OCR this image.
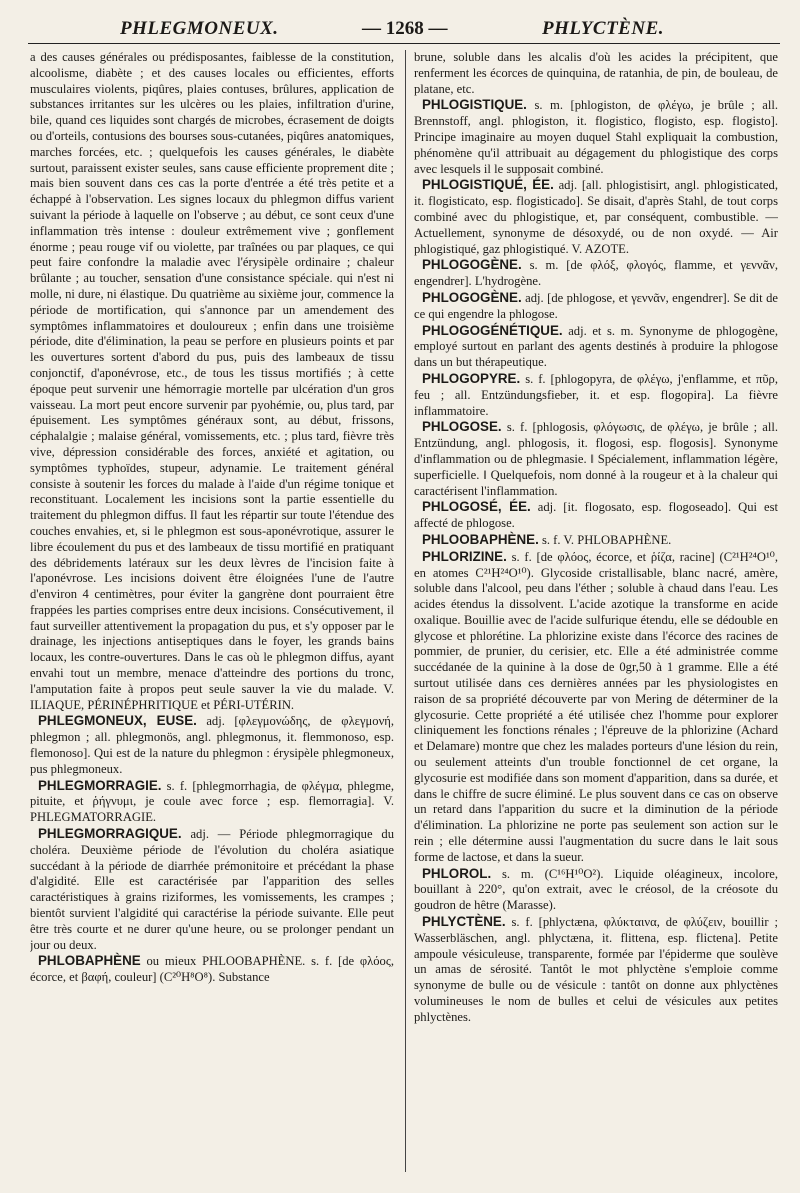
PHLEGMONEUX.	— 1268 —	PHLYCTÈNE.

a des causes générales ou prédisposantes, faiblesse de la constitution, alcoolisme, diabète ; et des causes locales ou efficientes, efforts musculaires violents, piqûres, plaies contuses, brûlures, application de substances irritantes sur les ulcères ou les plaies, infiltration d'urine, bile, quand ces liquides sont chargés de microbes, écrasement de doigts ou d'orteils, contusions des bourses sous-cutanées, piqûres anatomiques, marches forcées, etc. ; quelquefois les causes générales, le diabète surtout, paraissent exister seules, sans cause efficiente proprement dite ; mais bien souvent dans ces cas la porte d'entrée a été très petite et a échappé à l'observation. Les signes locaux du phlegmon diffus varient suivant la période à laquelle on l'observe ; au début, ce sont ceux d'une inflammation très intense : douleur extrêmement vive ; gonflement énorme ; peau rouge vif ou violette, par traînées ou par plaques, ce qui peut faire confondre la maladie avec l'érysipèle ordinaire ; chaleur brûlante ; au toucher, sensation d'une consistance spéciale. qui n'est ni molle, ni dure, ni élastique. Du quatrième au sixième jour, commence la période de mortification, qui s'annonce par un amendement des symptômes inflammatoires et douloureux ; enfin dans une troisième période, dite d'élimination, la peau se perfore en plusieurs points et par les ouvertures sortent d'abord du pus, puis des lambeaux de tissu conjonctif, d'aponévrose, etc., de tous les tissus mortifiés ; à cette époque peut survenir une hémorragie mortelle par ulcération d'un gros vaisseau. La mort peut encore survenir par pyohémie, ou, plus tard, par épuisement. Les symptômes généraux sont, au début, frissons, céphalalgie ; malaise général, vomissements, etc. ; plus tard, fièvre très vive, dépression considérable des forces, anxiété et agitation, ou symptômes typhoïdes, stupeur, adynamie. Le traitement général consiste à soutenir les forces du malade à l'aide d'un régime tonique et reconstituant. Localement les incisions sont la partie essentielle du traitement du phlegmon diffus. Il faut les répartir sur toute l'étendue des couches envahies, et, si le phlegmon est sous-aponévrotique, assurer le libre écoulement du pus et des lambeaux de tissu mortifié en pratiquant des débridements latéraux sur les deux lèvres de l'incision faite à l'aponévrose. Les incisions doivent être éloignées l'une de l'autre d'environ 4 centimètres, pour éviter la gangrène dont pourraient être frappées les parties comprises entre deux incisions. Consécutivement, il faut surveiller attentivement la propagation du pus, et s'y opposer par le drainage, les injections antiseptiques dans le foyer, les grands bains locaux, les contre-ouvertures. Dans le cas où le phlegmon diffus, ayant envahi tout un membre, menace d'atteindre des portions du tronc, l'amputation faite à propos peut seule sauver la vie du malade. V. ILIAQUE, PÉRINÉPHRITIQUE et PÉRI-UTÉRIN.

PHLEGMONEUX, EUSE. adj. [φλεγμονώδης, de φλεγμονή, phlegmon ; all. phlegmonös, angl. phlegmonus, it. flemmonoso, esp. flemonoso]. Qui est de la nature du phlegmon : érysipèle phlegmoneux, pus phlegmoneux.

PHLEGMORRAGIE. s. f. [phlegmorrhagia, de φλέγμα, phlegme, pituite, et ῥήγνυμι, je coule avec force ; esp. flemorragia]. V. PHLEGMATORRAGIE.

PHLEGMORRAGIQUE. adj. — Période phlegmorragique du choléra. Deuxième période de l'évolution du choléra asiatique succédant à la période de diarrhée prémonitoire et précédant la phase d'algidité. Elle est caractérisée par l'apparition des selles caractéristiques à grains riziformes, les vomissements, les crampes ; bientôt survient l'algidité qui caractérise la période suivante. Elle peut être très courte et ne durer qu'une heure, ou se prolonger pendant un jour ou deux.

PHLOBAPHÈNE ou mieux PHLOOBAPHÈNE. s. f. [de φλόος, écorce, et βαφή, couleur] (C²⁰H⁸O⁸). Substance

brune, soluble dans les alcalis d'où les acides la précipitent, que renferment les écorces de quinquina, de ratanhia, de pin, de bouleau, de platane, etc.

PHLOGISTIQUE. s. m. [phlogiston, de φλέγω, je brûle ; all. Brennstoff, angl. phlogiston, it. flogistico, flogisto, esp. flogisto]. Principe imaginaire au moyen duquel Stahl expliquait la combustion, phénomène qu'il attribuait au dégagement du phlogistique des corps avec lesquels il le supposait combiné.

PHLOGISTIQUÉ, ÉE. adj. [all. phlogistisirt, angl. phlogisticated, it. flogisticato, esp. flogisticado]. Se disait, d'après Stahl, de tout corps combiné avec du phlogistique, et, par conséquent, combustible. — Actuellement, synonyme de désoxydé, ou de non oxydé. — Air phlogistiqué, gaz phlogistiqué. V. AZOTE.

PHLOGOGÈNE. s. m. [de φλόξ, φλογός, flamme, et γεννᾶν, engendrer]. L'hydrogène.

PHLOGOGÈNE. adj. [de phlogose, et γεννᾶν, engendrer]. Se dit de ce qui engendre la phlogose.

PHLOGOGÉNÉTIQUE. adj. et s. m. Synonyme de phlogogène, employé surtout en parlant des agents destinés à produire la phlogose dans un but thérapeutique.

PHLOGOPYRE. s. f. [phlogopyra, de φλέγω, j'enflamme, et πῦρ, feu ; all. Entzündungsfieber, it. et esp. flogopira]. La fièvre inflammatoire.

PHLOGOSE. s. f. [phlogosis, φλόγωσις, de φλέγω, je brûle ; all. Entzündung, angl. phlogosis, it. flogosi, esp. flogosis]. Synonyme d'inflammation ou de phlegmasie. ‖ Spécialement, inflammation légère, superficielle. ‖ Quelquefois, nom donné à la rougeur et à la chaleur qui caractérisent l'inflammation.

PHLOGOSÉ, ÉE. adj. [it. flogosato, esp. flogoseado]. Qui est affecté de phlogose.

PHLOOBAPHÈNE. s. f. V. PHLOBAPHÈNE.

PHLORIZINE. s. f. [de φλόος, écorce, et ῥίζα, racine] (C²¹H²⁴O¹⁰, en atomes C²¹H²⁴O¹⁰). Glycoside cristallisable, blanc nacré, amère, soluble dans l'alcool, peu dans l'éther ; soluble à chaud dans l'eau. Les acides étendus la dissolvent. L'acide azotique la transforme en acide oxalique. Bouillie avec de l'acide sulfurique étendu, elle se dédouble en glycose et phlorétine. La phlorizine existe dans l'écorce des racines de pommier, de prunier, du cerisier, etc. Elle a été administrée comme succédanée de la quinine à la dose de 0gr,50 à 1 gramme. Elle a été surtout utilisée dans ces dernières années par les physiologistes en raison de sa propriété découverte par von Mering de déterminer de la glycosurie. Cette propriété a été utilisée chez l'homme pour explorer cliniquement les fonctions rénales ; l'épreuve de la phlorizine (Achard et Delamare) montre que chez les malades porteurs d'une lésion du rein, ou seulement atteints d'un trouble fonctionnel de cet organe, la glycosurie est modifiée dans son moment d'apparition, dans sa durée, et dans le chiffre de sucre éliminé. Le plus souvent dans ce cas on observe un retard dans l'apparition du sucre et la diminution de la période d'élimination. La phlorizine ne porte pas seulement son action sur le rein ; elle détermine aussi l'augmentation du sucre dans le lait sous forme de lactose, et dans la sueur.

PHLOROL. s. m. (C¹⁶H¹⁰O²). Liquide oléagineux, incolore, bouillant à 220°, qu'on extrait, avec le créosol, de la créosote du goudron de hêtre (Marasse).

PHLYCTÈNE. s. f. [phlyctæna, φλύκταινα, de φλύζειν, bouillir ; Wasserbläschen, angl. phlyctæna, it. flittena, esp. flictena]. Petite ampoule vésiculeuse, transparente, formée par l'épiderme que soulève un amas de sérosité. Tantôt le mot phlyctène s'emploie comme synonyme de bulle ou de vésicule : tantôt on donne aux phlyctènes volumineuses le nom de bulles et celui de vésicules aux petites phlyctènes.
